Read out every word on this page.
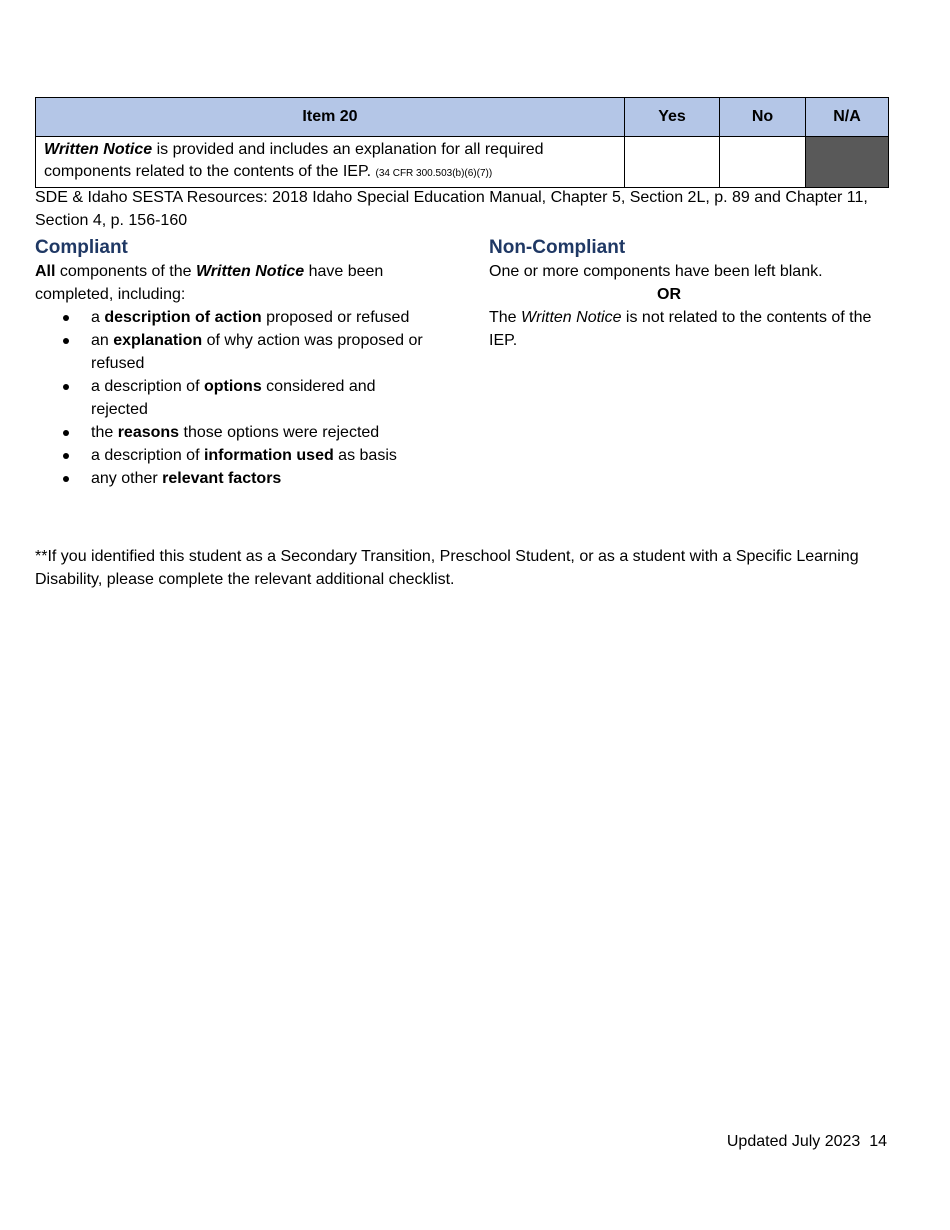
Item 20	Yes	No	N/A
Written Notice is provided and includes an explanation for all required components related to the contents of the IEP. (34 CFR 300.503(b)(6)(7))			
SDE & Idaho SESTA Resources: 2018 Idaho Special Education Manual, Chapter 5, Section 2L, p. 89 and Chapter 11, Section 4, p. 156-160
Compliant

All components of the Written Notice have been completed, including:

a description of action proposed or refused
an explanation of why action was proposed or refused
a description of options considered and rejected
the reasons those options were rejected
a description of information used as basis
any other relevant factors
Non-Compliant

One or more components have been left blank.

OR

The Written Notice is not related to the contents of the IEP.

**If you identified this student as a Secondary Transition, Preschool Student, or as a student with a Specific Learning Disability, please complete the relevant additional checklist.
Updated July 2023 14
